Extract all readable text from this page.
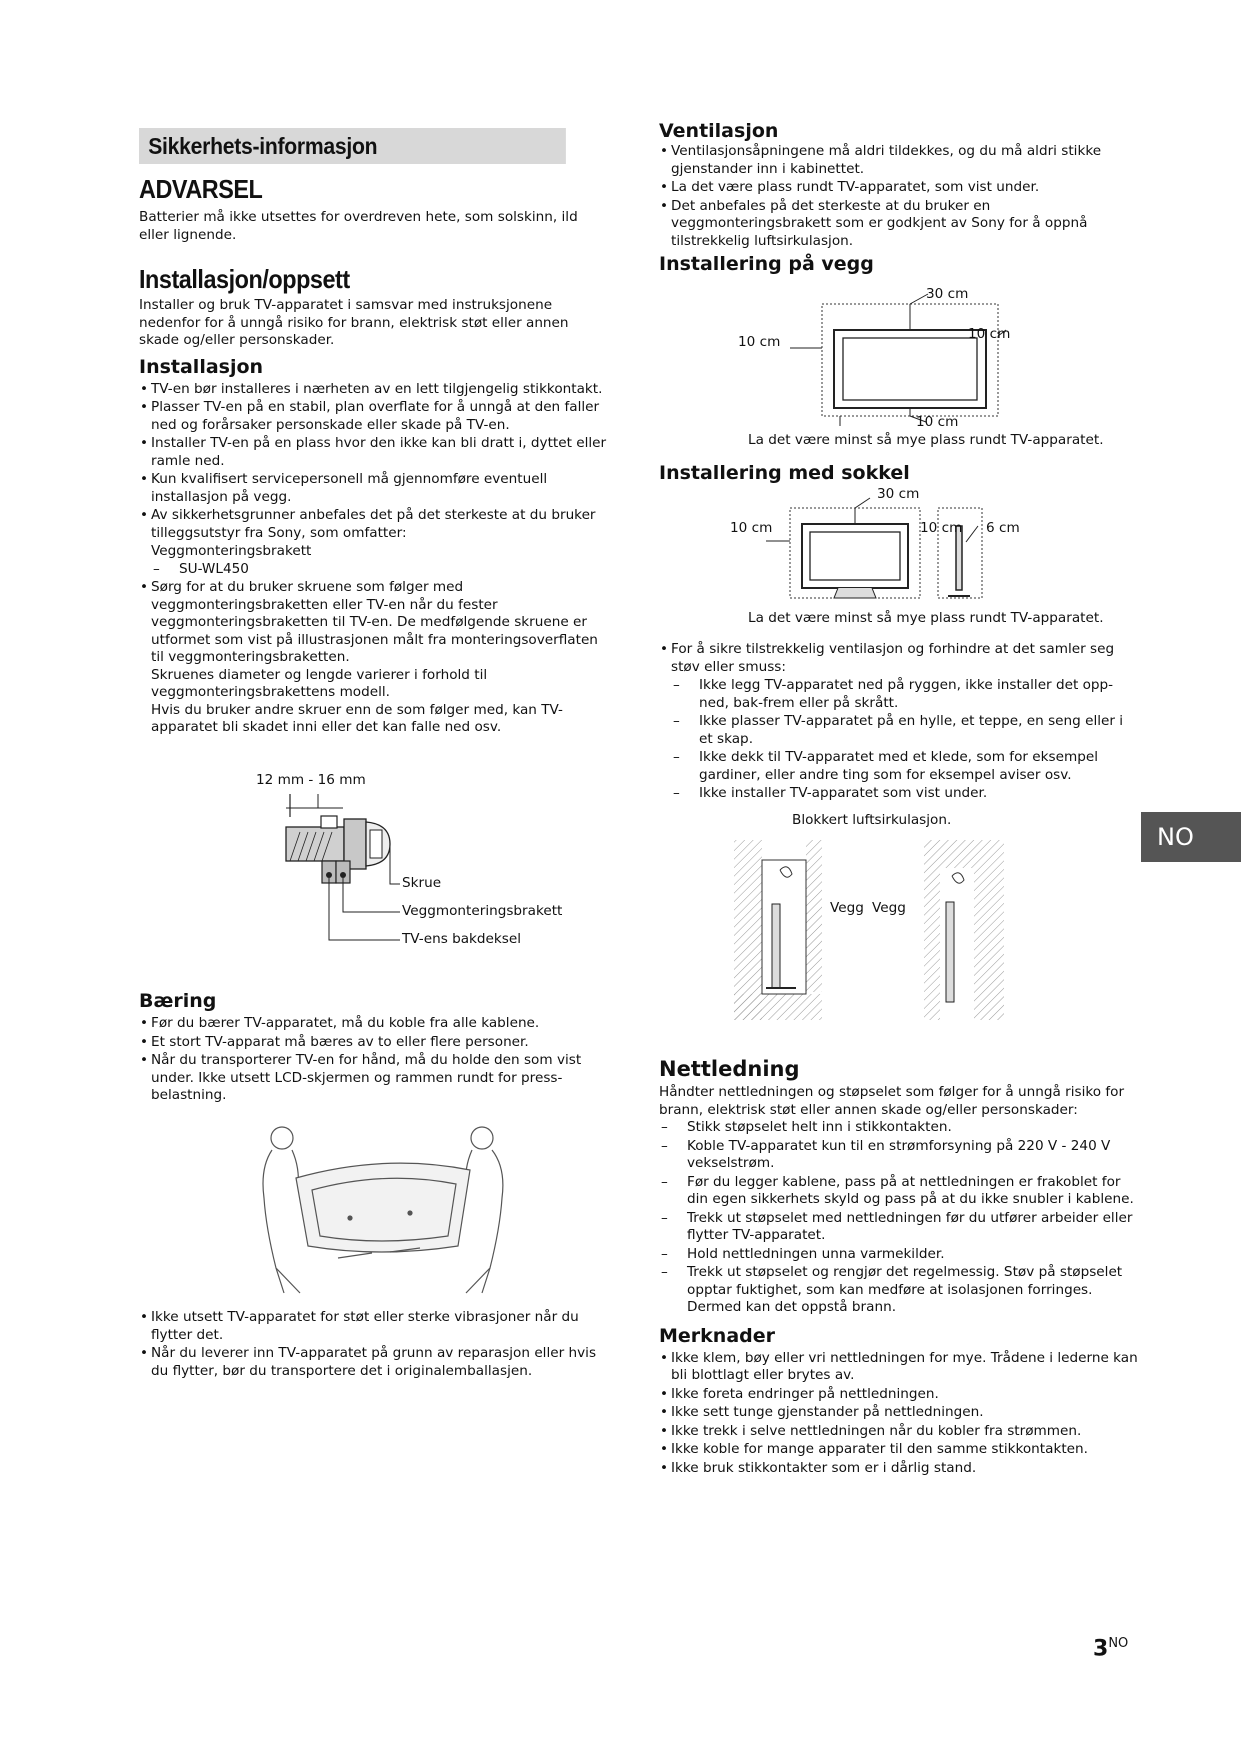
Sikkerhets-informasjon
ADVARSEL

Batterier må ikke utsettes for overdreven hete, som solskinn, ild eller lignende.

Installasjon/oppsett

Installer og bruk TV-apparatet i samsvar med instruksjonene nedenfor for å unngå risiko for brann, elektrisk støt eller annen skade og/eller personskader.

Installasjon
• TV-en bør installeres i nærheten av en lett tilgjengelig stikkontakt.
• Plasser TV-en på en stabil, plan overflate for å unngå at den faller ned og forårsaker personskade eller skade på TV-en.
• Installer TV-en på en plass hvor den ikke kan bli dratt i, dyttet eller ramle ned.
• Kun kvalifisert servicepersonell må gjennomføre eventuell installasjon på vegg.
• Av sikkerhetsgrunner anbefales det på det sterkeste at du bruker tilleggsutstyr fra Sony, som omfatter:

Veggmonteringsbrakett

– SU-WL450
• Sørg for at du bruker skruene som følger med veggmonteringsbraketten eller TV-en når du fester veggmonteringsbraketten til TV-en. De medfølgende skruene er utformet som vist på illustrasjonen målt fra monteringsoverflaten til veggmonteringsbraketten.
Skruenes diameter og lengde varierer i forhold til veggmonteringsbrakettens modell.
Hvis du bruker andre skruer enn de som følger med, kan TV-apparatet bli skadet inni eller det kan falle ned osv.
12 mm - 16 mm
Skrue
Veggmonteringsbrakett
TV-ens bakdeksel
Bæring
• Før du bærer TV-apparatet, må du koble fra alle kablene.
• Et stort TV-apparat må bæres av to eller flere personer.
• Når du transporterer TV-en for hånd, må du holde den som vist under. Ikke utsett LCD-skjermen og rammen rundt for press-belastning.
• Ikke utsett TV-apparatet for støt eller sterke vibrasjoner når du flytter det.
• Når du leverer inn TV-apparatet på grunn av reparasjon eller hvis du flytter, bør du transportere det i originalemballasjen.
Ventilasjon
• Ventilasjonsåpningene må aldri tildekkes, og du må aldri stikke gjenstander inn i kabinettet.
• La det være plass rundt TV-apparatet, som vist under.
• Det anbefales på det sterkeste at du bruker en veggmonteringsbrakett som er godkjent av Sony for å oppnå tilstrekkelig luftsirkulasjon.
Installering på vegg
30 cm
10 cm	10 cm
10 cm
La det være minst så mye plass rundt TV-apparatet.
Installering med sokkel
30 cm
10 cm	10 cm 6 cm
La det være minst så mye plass rundt TV-apparatet.
• For å sikre tilstrekkelig ventilasjon og forhindre at det samler seg støv eller smuss:
– Ikke legg TV-apparatet ned på ryggen, ikke installer det opp-ned, bak-frem eller på skrått.
– Ikke plasser TV-apparatet på en hylle, et teppe, en seng eller i et skap.
– Ikke dekk til TV-apparatet med et klede, som for eksempel gardiner, eller andre ting som for eksempel aviser osv.
– Ikke installer TV-apparatet som vist under.
Blokkert luftsirkulasjon.
Vegg Vegg
Nettledning

Håndter nettledningen og støpselet som følger for å unngå risiko for brann, elektrisk støt eller annen skade og/eller personskader:

– Stikk støpselet helt inn i stikkontakten.
– Koble TV-apparatet kun til en strømforsyning på 220 V - 240 V vekselstrøm.
– Før du legger kablene, pass på at nettledningen er frakoblet for din egen sikkerhets skyld og pass på at du ikke snubler i kablene.
– Trekk ut støpselet med nettledningen før du utfører arbeider eller flytter TV-apparatet.
– Hold nettledningen unna varmekilder.
– Trekk ut støpselet og rengjør det regelmessig. Støv på støpselet opptar fuktighet, som kan medføre at isolasjonen forringes. Dermed kan det oppstå brann.
Merknader
• Ikke klem, bøy eller vri nettledningen for mye. Trådene i lederne kan bli blottlagt eller brytes av.
• Ikke foreta endringer på nettledningen.
• Ikke sett tunge gjenstander på nettledningen.
• Ikke trekk i selve nettledningen når du kobler fra strømmen.
• Ikke koble for mange apparater til den samme stikkontakten.
• Ikke bruk stikkontakter som er i dårlig stand.
NO
$3^{NO}$
